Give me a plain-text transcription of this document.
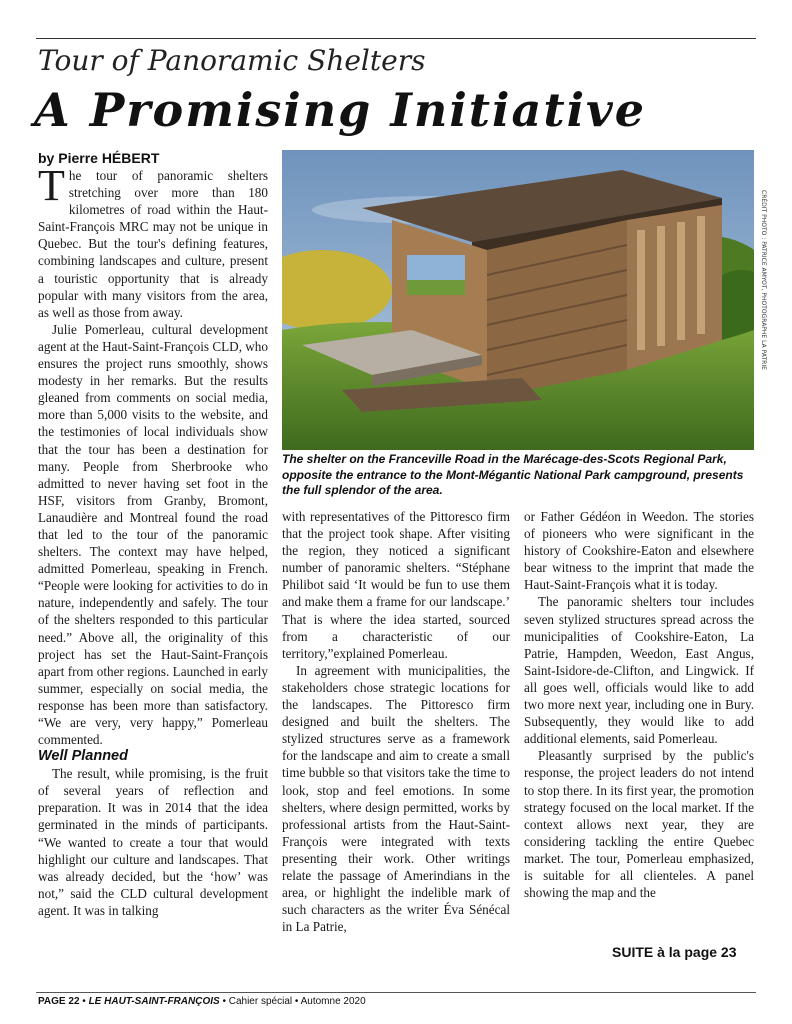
Tour of Panoramic Shelters
A Promising Initiative
by Pierre HÉBERT

The tour of panoramic shelters stretching over more than 180 kilometres of road within the Haut-Saint-François MRC may not be unique in Quebec. But the tour's defining features, combining landscapes and culture, present a touristic opportunity that is already popular with many visitors from the area, as well as those from away.

Julie Pomerleau, cultural development agent at the Haut-Saint-François CLD, who ensures the project runs smoothly, shows modesty in her remarks. But the results gleaned from comments on social media, more than 5,000 visits to the website, and the testimonies of local individuals show that the tour has been a destination for many. People from Sherbrooke who admitted to never having set foot in the HSF, visitors from Granby, Bromont, Lanaudière and Montreal found the road that led to the tour of the panoramic shelters. The context may have helped, admitted Pomerleau, speaking in French. “People were looking for activities to do in nature, independently and safely. The tour of the shelters responded to this particular need.” Above all, the originality of this project has set the Haut-Saint-François apart from other regions. Launched in early summer, especially on social media, the response has been more than satisfactory. “We are very, very happy,” Pomerleau commented.

Well Planned

The result, while promising, is the fruit of several years of reflection and preparation. It was in 2014 that the idea germinated in the minds of participants. “We wanted to create a tour that would highlight our culture and landscapes. That was already decided, but the ‘how’ was not,” said the CLD cultural development agent. It was in talking

CRÉDIT PHOTO : PATRICE AMYOT, PHOTOGRAPHE LA PATRIE

The shelter on the Franceville Road in the Marécage-des-Scots Regional Park, opposite the entrance to the Mont-Mégantic National Park campground, presents the full splendor of the area.

with representatives of the Pittoresco firm that the project took shape. After visiting the region, they noticed a significant number of panoramic shelters. “Stéphane Philibot said ‘It would be fun to use them and make them a frame for our landscape.’ That is where the idea started, sourced from a characteristic of our territory,”explained Pomerleau.

In agreement with municipalities, the stakeholders chose strategic locations for the landscapes. The Pittoresco firm designed and built the shelters. The stylized structures serve as a framework for the landscape and aim to create a small time bubble so that visitors take the time to look, stop and feel emotions. In some shelters, where design permitted, works by professional artists from the Haut-Saint-François were integrated with texts presenting their work. Other writings relate the passage of Amerindians in the area, or highlight the indelible mark of such characters as the writer Éva Sénécal in La Patrie,

or Father Gédéon in Weedon. The stories of pioneers who were significant in the history of Cookshire-Eaton and elsewhere bear witness to the imprint that made the Haut-Saint-François what it is today.

The panoramic shelters tour includes seven stylized structures spread across the municipalities of Cookshire-Eaton, La Patrie, Hampden, Weedon, East Angus, Saint-Isidore-de-Clifton, and Lingwick. If all goes well, officials would like to add two more next year, including one in Bury. Subsequently, they would like to add additional elements, said Pomerleau.

Pleasantly surprised by the public's response, the project leaders do not intend to stop there. In its first year, the promotion strategy focused on the local market. If the context allows next year, they are considering tackling the entire Quebec market. The tour, Pomerleau emphasized, is suitable for all clienteles. A panel showing the map and the

SUITE à la page 23
PAGE 22 • LE HAUT-SAINT-FRANÇOIS • Cahier spécial • Automne 2020
